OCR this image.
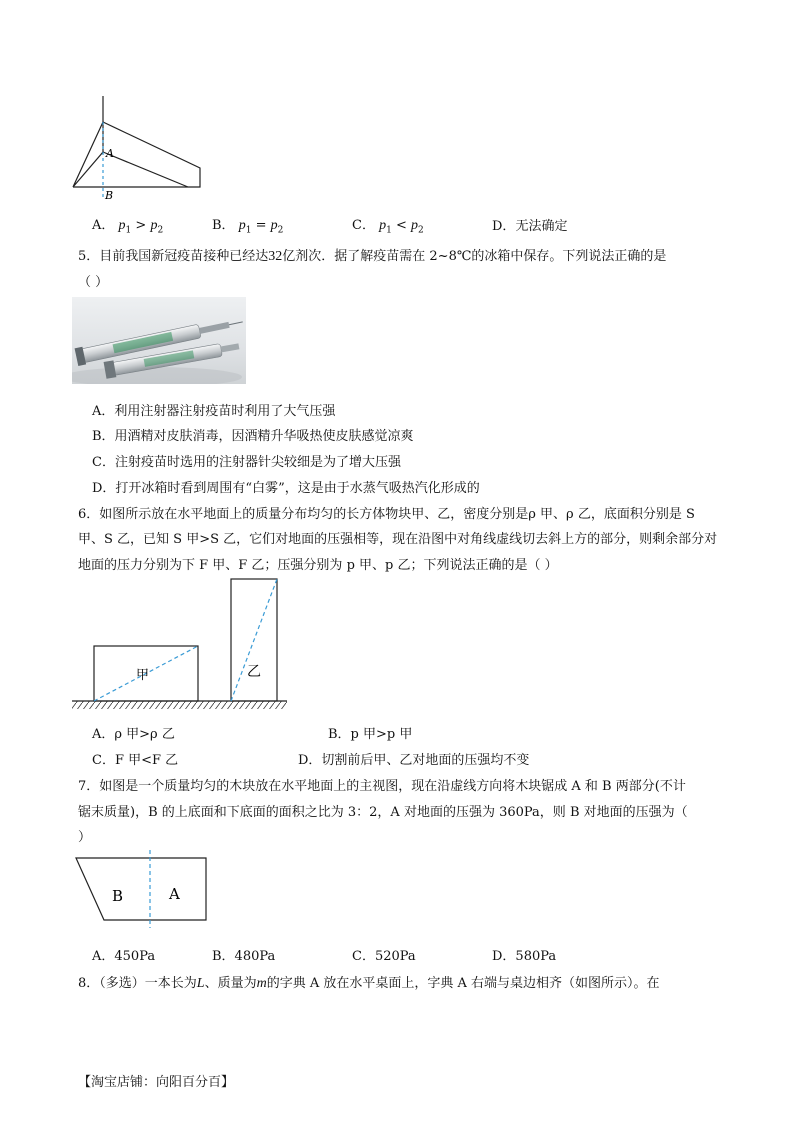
A
B
A． $p_1 > p_2$	B． $p_1 = p_2$	C． $p_1 < p_2$	D．无法确定
5．目前我国新冠疫苗接种已经达32亿剂次．据了解疫苗需在 2~8℃的冰箱中保存。下列说法正确的是
（ ）
A．利用注射器注射疫苗时利用了大气压强
B．用酒精对皮肤消毒，因酒精升华吸热使皮肤感觉凉爽
C．注射疫苗时选用的注射器针尖较细是为了增大压强
D．打开冰箱时看到周围有“白雾”，这是由于水蒸气吸热汽化形成的
6．如图所示放在水平地面上的质量分布均匀的长方体物块甲、乙，密度分别是ρ 甲、ρ 乙，底面积分别是 S
甲、S 乙，已知 S 甲>S 乙，它们对地面的压强相等，现在沿图中对角线虚线切去斜上方的部分，则剩余部分对
地面的压力分别为下 F 甲、F 乙；压强分别为 p 甲、p 乙；下列说法正确的是（ ）
甲	乙
A．ρ 甲>ρ 乙	B．p 甲>p 甲
C．F 甲<F 乙	D．切割前后甲、乙对地面的压强均不变
7．如图是一个质量均匀的木块放在水平地面上的主视图，现在沿虚线方向将木块锯成 A 和 B 两部分(不计
锯末质量)，B 的上底面和下底面的面积之比为 3：2，A 对地面的压强为 360Pa，则 B 对地面的压强为（
）
B	A
A．450Pa	B．480Pa	C．520Pa	D．580Pa
8．（多选）一本长为L、质量为m的字典 A 放在水平桌面上，字典 A 右端与桌边相齐（如图所示）。在
【淘宝店铺：向阳百分百】
